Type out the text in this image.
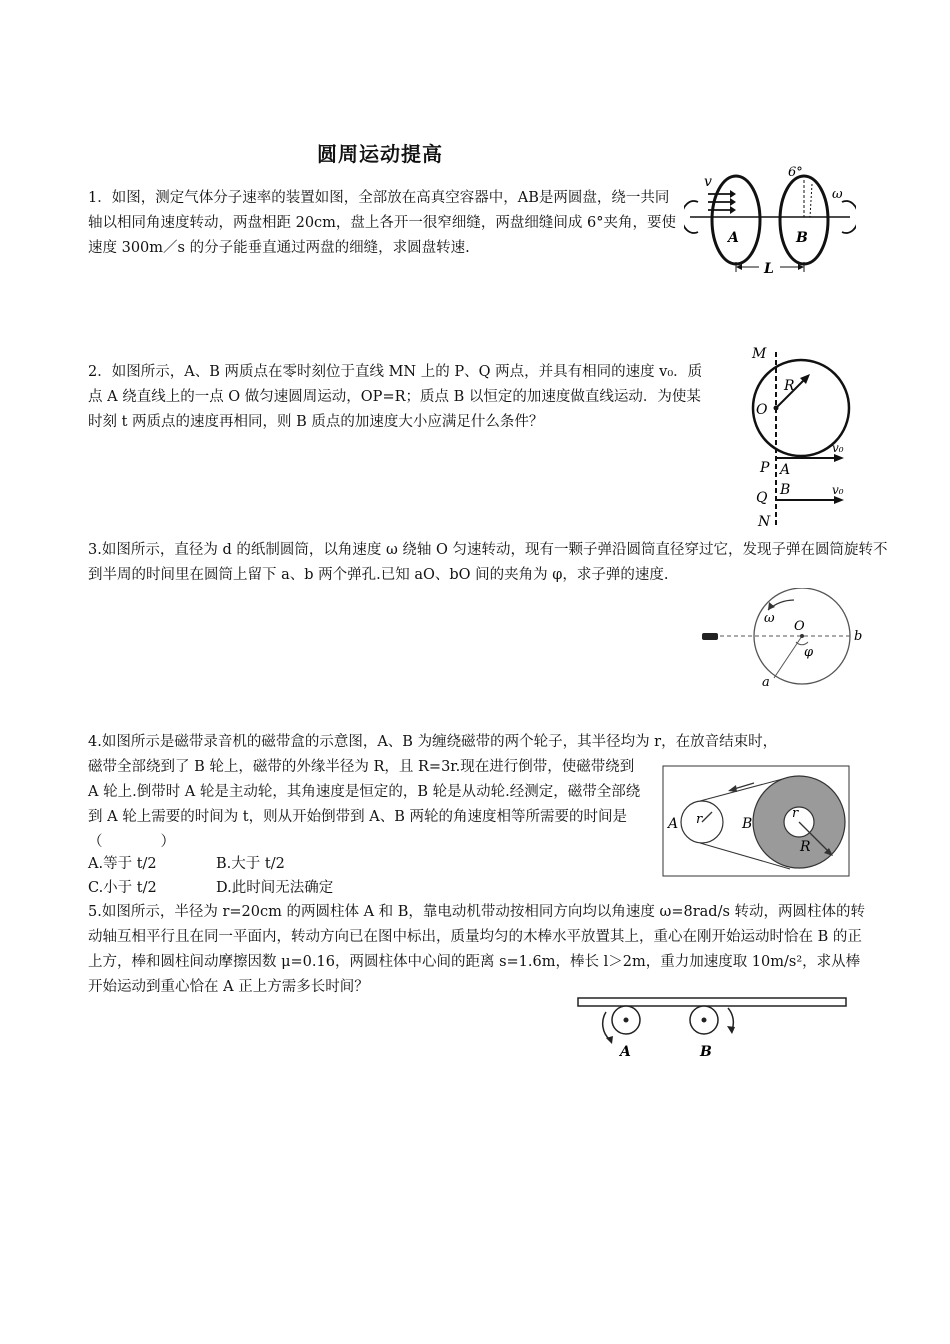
圆周运动提高
1．如图，测定气体分子速率的装置如图，全部放在高真空容器中，AB是两圆盘，绕一共同轴以相同角速度转动，两盘相距 20cm，盘上各开一很窄细缝，两盘细缝间成 6°夹角，要使速度 300m／s 的分子能垂直通过两盘的细缝，求圆盘转速.
2．如图所示，A、B 两质点在零时刻位于直线 MN 上的 P、Q 两点，并具有相同的速度 v₀．质点 A 绕直线上的一点 O 做匀速圆周运动，OP=R；质点 B 以恒定的加速度做直线运动．为使某时刻 t 两质点的速度再相同，则 B 质点的加速度大小应满足什么条件？
3.如图所示，直径为 d 的纸制圆筒，以角速度 ω 绕轴 O 匀速转动，现有一颗子弹沿圆筒直径穿过它，发现子弹在圆筒旋转不到半周的时间里在圆筒上留下 a、b 两个弹孔.已知 aO、bO 间的夹角为 φ，求子弹的速度.
4.如图所示是磁带录音机的磁带盒的示意图，A、B 为缠绕磁带的两个轮子，其半径均为 r，在放音结束时，
磁带全部绕到了 B 轮上，磁带的外缘半径为 R，且 R=3r.现在进行倒带，使磁带绕到 A 轮上.倒带时 A 轮是主动轮，其角速度是恒定的，B 轮是从动轮.经测定，磁带全部绕到 A 轮上需要的时间为 t，则从开始倒带到 A、B 两轮的角速度相等所需要的时间是（　　　　）
A.等于 t/2	B.大于 t/2
C.小于 t/2	D.此时间无法确定
5.如图所示，半径为 r=20cm 的两圆柱体 A 和 B，靠电动机带动按相同方向均以角速度 ω=8rad/s 转动，两圆柱体的转动轴互相平行且在同一平面内，转动方向已在图中标出，质量均匀的木棒水平放置其上，重心在刚开始运动时恰在 B 的正上方，棒和圆柱间动摩擦因数 μ=0.16，两圆柱体中心间的距离 s=1.6m，棒长 l＞2m，重力加速度取 10m/s²，求从棒开始运动到重心恰在 A 正上方需多长时间？
v
6°
ω
A	B
L
M
R
O
P A
v₀
Q B	v₀
N
ω
O
b
φ
a
A r	B
r
R
A	B
